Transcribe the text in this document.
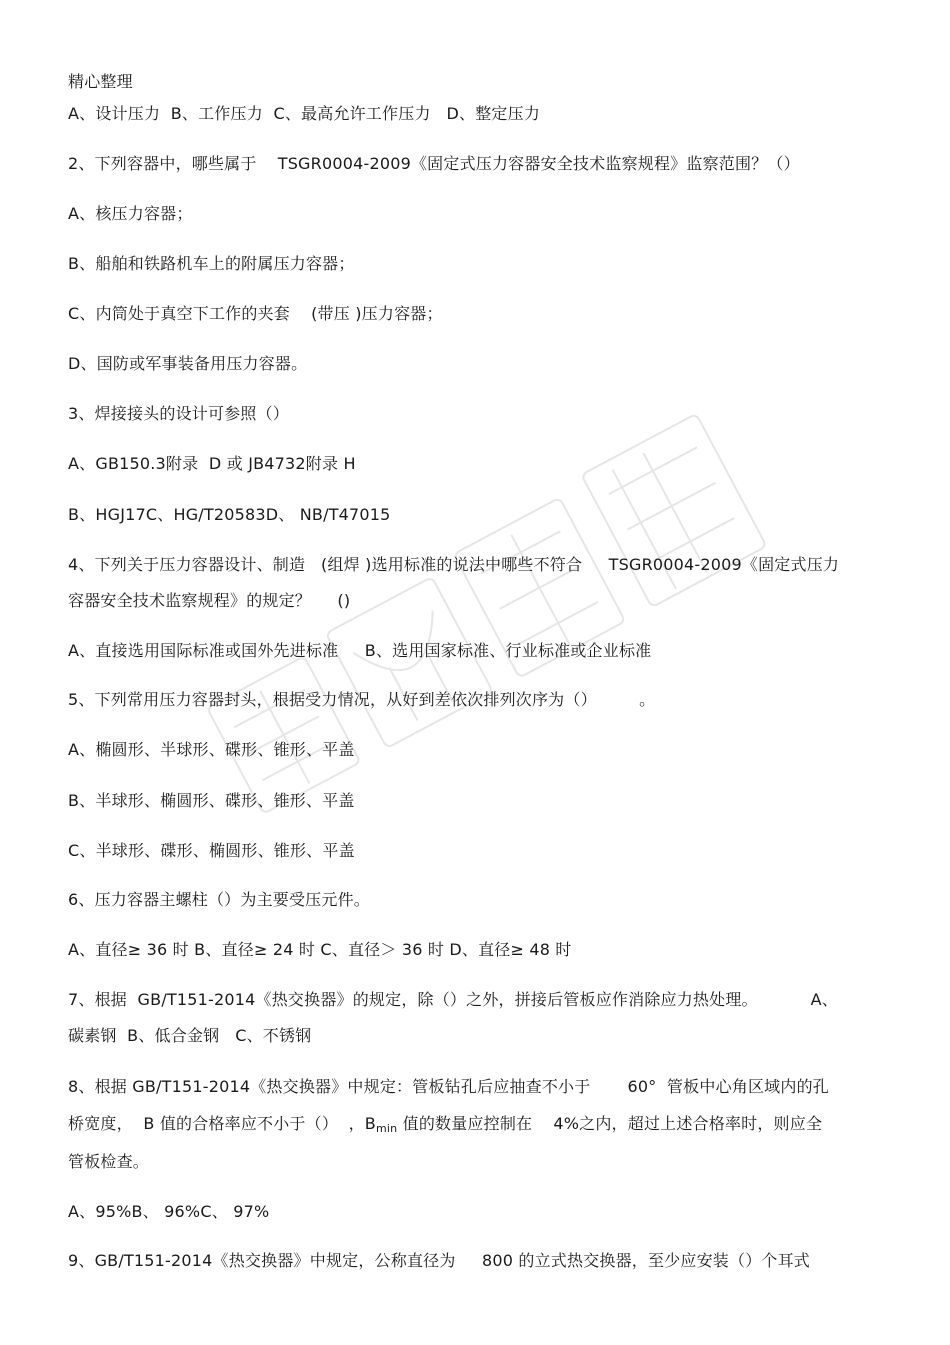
精心整理
A、设计压力  B、工作压力  C、最高允许工作压力   D、整定压力
2、下列容器中，哪些属于    TSGR0004-2009《固定式压力容器安全技术监察规程》监察范围？（）
A、核压力容器；
B、船舶和铁路机车上的附属压力容器；
C、内筒处于真空下工作的夹套    (带压 )压力容器；
D、国防或军事装备用压力容器。
3、焊接接头的设计可参照（）
A、GB150.3附录  D 或 JB4732附录 H
B、HGJ17C、HG/T20583D、 NB/T47015
4、下列关于压力容器设计、制造   (组焊 )选用标准的说法中哪些不符合     TSGR0004-2009《固定式压力
容器安全技术监察规程》的规定？     ()
A、直接选用国际标准或国外先进标准     B、选用国家标准、行业标准或企业标准
5、下列常用压力容器封头，根据受力情况，从好到差依次排列次序为（）        。
A、椭圆形、半球形、碟形、锥形、平盖
B、半球形、椭圆形、碟形、锥形、平盖
C、半球形、碟形、椭圆形、锥形、平盖
6、压力容器主螺柱（）为主要受压元件。
A、直径≥ 36 时 B、直径≥ 24 时 C、直径＞ 36 时 D、直径≥ 48 时
7、根据  GB/T151-2014《热交换器》的规定，除（）之外，拼接后管板应作消除应力热处理。          A、
碳素钢  B、低合金钢   C、不锈钢
8、根据 GB/T151-2014《热交换器》中规定：管板钻孔后应抽查不小于       60°  管板中心角区域内的孔
桥宽度，  B 值的合格率应不小于（）  ，$B_{min}$ 值的数量应控制在    4%之内，超过上述合格率时，则应全
管板检查。
A、95%B、 96%C、 97%
9、GB/T151-2014《热交换器》中规定，公称直径为     800 的立式热交换器，至少应安装（）个耳式
